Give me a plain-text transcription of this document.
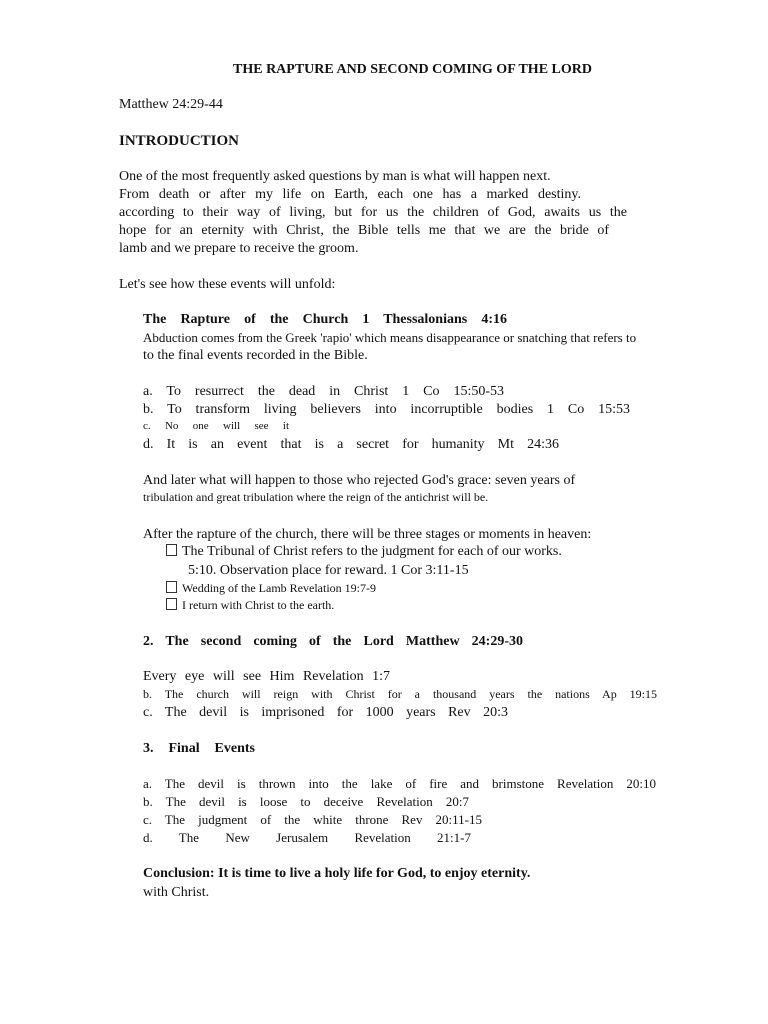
THE RAPTURE AND SECOND COMING OF THE LORD

Matthew 24:29-44

INTRODUCTION

One of the most frequently asked questions by man is what will happen next.

From death or after my life on Earth, each one has a marked destiny.

according to their way of living, but for us the children of God, awaits us the

hope for an eternity with Christ, the Bible tells me that we are the bride of

lamb and we prepare to receive the groom.

Let's see how these events will unfold:

The Rapture of the Church 1 Thessalonians 4:16

Abduction comes from the Greek 'rapio' which means disappearance or snatching that refers to

to the final events recorded in the Bible.

a. To resurrect the dead in Christ 1 Co 15:50-53

b. To transform living believers into incorruptible bodies 1 Co 15:53

c. No one will see it

d. It is an event that is a secret for humanity Mt 24:36

And later what will happen to those who rejected God's grace: seven years of

tribulation and great tribulation where the reign of the antichrist will be.

After the rapture of the church, there will be three stages or moments in heaven:

The Tribunal of Christ refers to the judgment for each of our works.

5:10. Observation place for reward. 1 Cor 3:11-15

Wedding of the Lamb Revelation 19:7-9

I return with Christ to the earth.

2. The second coming of the Lord Matthew 24:29-30

Every eye will see Him Revelation 1:7

b. The church will reign with Christ for a thousand years the nations Ap 19:15

c. The devil is imprisoned for 1000 years Rev 20:3

3. Final Events

a. The devil is thrown into the lake of fire and brimstone Revelation 20:10

b. The devil is loose to deceive Revelation 20:7

c. The judgment of the white throne Rev 20:11-15

d. The New Jerusalem Revelation 21:1-7

Conclusion: It is time to live a holy life for God, to enjoy eternity.

with Christ.
